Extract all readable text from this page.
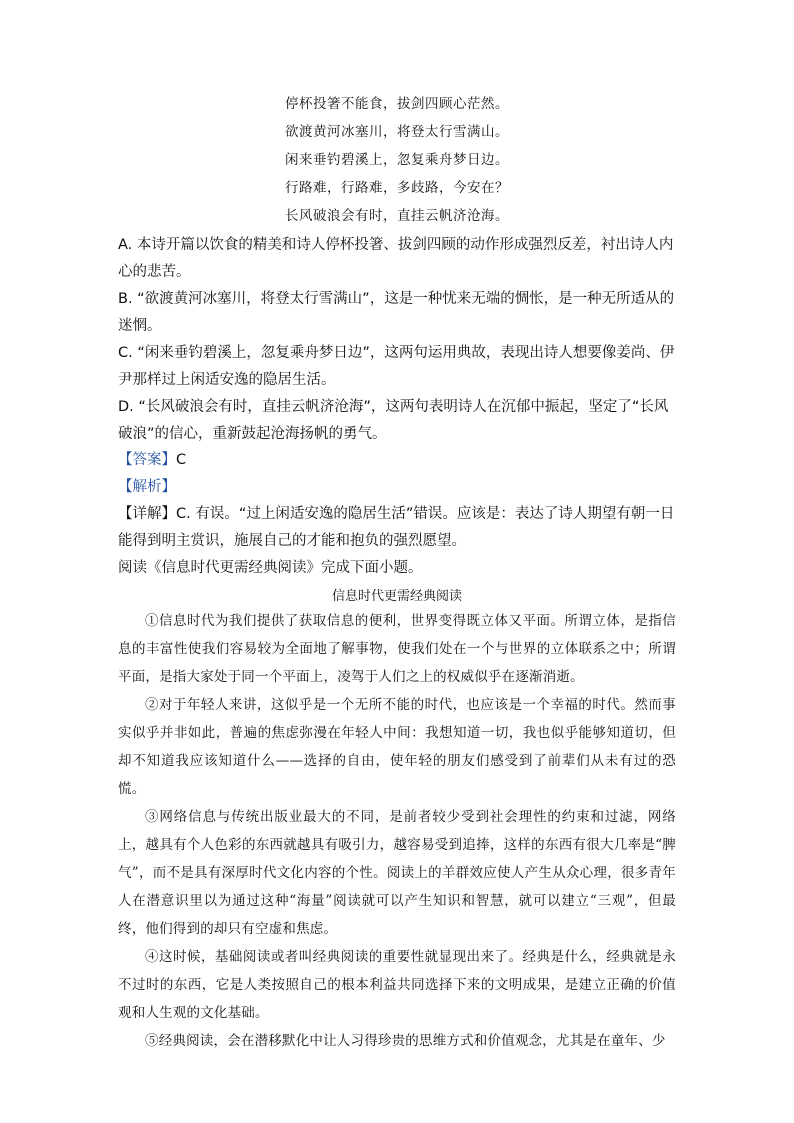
停杯投箸不能食，拔剑四顾心茫然。
欲渡黄河冰塞川，将登太行雪满山。
闲来垂钓碧溪上，忽复乘舟梦日边。
行路难，行路难，多歧路，今安在？
长风破浪会有时，直挂云帆济沧海。

A. 本诗开篇以饮食的精美和诗人停杯投箸、拔剑四顾的动作形成强烈反差，衬出诗人内心的悲苦。

B. “欲渡黄河冰塞川，将登太行雪满山”，这是一种忧来无端的惆怅，是一种无所适从的迷惘。

C. “闲来垂钓碧溪上，忽复乘舟梦日边”，这两句运用典故，表现出诗人想要像姜尚、伊尹那样过上闲适安逸的隐居生活。

D. “长风破浪会有时，直挂云帆济沧海”，这两句表明诗人在沉郁中振起，坚定了“长风破浪”的信心，重新鼓起沧海扬帆的勇气。

【答案】C

【解析】

【详解】C. 有误。“过上闲适安逸的隐居生活”错误。应该是：表达了诗人期望有朝一日能得到明主赏识，施展自己的才能和抱负的强烈愿望。

阅读《信息时代更需经典阅读》完成下面小题。

信息时代更需经典阅读

①信息时代为我们提供了获取信息的便利，世界变得既立体又平面。所谓立体，是指信息的丰富性使我们容易较为全面地了解事物，使我们处在一个与世界的立体联系之中；所谓平面，是指大家处于同一个平面上，凌驾于人们之上的权威似乎在逐渐消逝。

②对于年轻人来讲，这似乎是一个无所不能的时代，也应该是一个幸福的时代。然而事实似乎并非如此，普遍的焦虑弥漫在年轻人中间：我想知道一切，我也似乎能够知道切，但却不知道我应该知道什么——选择的自由，使年轻的朋友们感受到了前辈们从未有过的恐慌。

③网络信息与传统出版业最大的不同，是前者较少受到社会理性的约束和过滤，网络上，越具有个人色彩的东西就越具有吸引力，越容易受到追捧，这样的东西有很大几率是“脾气”，而不是具有深厚时代文化内容的个性。阅读上的羊群效应使人产生从众心理，很多青年人在潜意识里以为通过这种“海量”阅读就可以产生知识和智慧，就可以建立“三观”，但最终，他们得到的却只有空虚和焦虑。

④这时候，基础阅读或者叫经典阅读的重要性就显现出来了。经典是什么，经典就是永不过时的东西，它是人类按照自己的根本利益共同选择下来的文明成果，是建立正确的价值观和人生观的文化基础。

⑤经典阅读，会在潜移默化中让人习得珍贵的思维方式和价值观念，尤其是在童年、少
